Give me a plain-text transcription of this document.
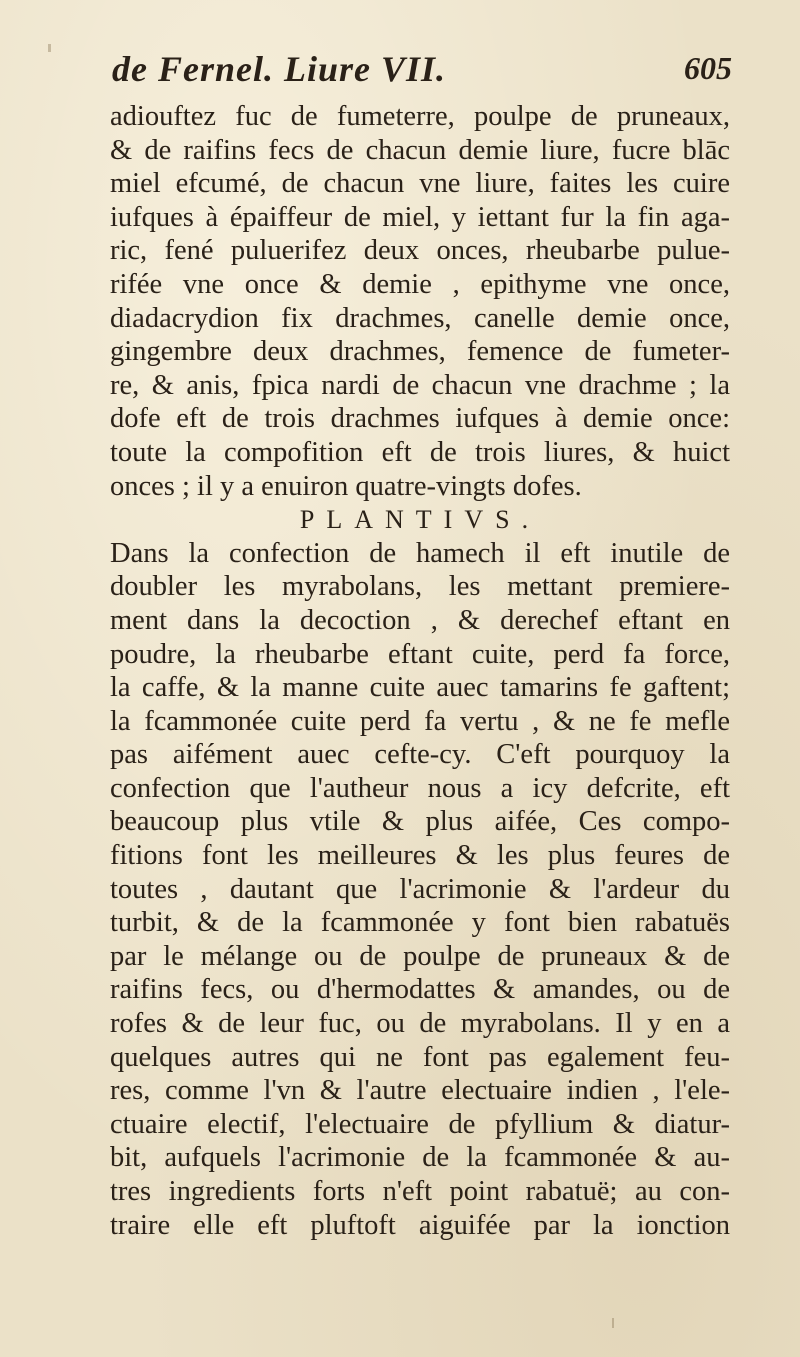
de Fernel. Liure VII.	605
adiouftez fuc de fumeterre, poulpe de pruneaux,
& de raifins fecs de chacun demie liure, fucre blāc
miel efcumé, de chacun vne liure, faites les cuire
iufques à épaiffeur de miel, y iettant fur la fin aga-
ric, fené puluerifez deux onces, rheubarbe pulue-
rifée vne once & demie , epithyme vne once,
diadacrydion fix drachmes, canelle demie once,
gingembre deux drachmes, femence de fumeter-
re, & anis, fpica nardi de chacun vne drachme ; la
dofe eft de trois drachmes iufques à demie once:
toute la compofition eft de trois liures, & huict
onces ; il y a enuiron quatre-vingts dofes.
PLANTIVS.
Dans la confection de hamech il eft inutile de
doubler les myrabolans, les mettant premiere-
ment dans la decoction , & derechef eftant en
poudre, la rheubarbe eftant cuite, perd fa force,
la caffe, & la manne cuite auec tamarins fe gaftent;
la fcammonée cuite perd fa vertu , & ne fe mefle
pas aifément auec cefte-cy. C'eft pourquoy la
confection que l'autheur nous a icy defcrite, eft
beaucoup plus vtile & plus aifée, Ces compo-
fitions font les meilleures & les plus feures de
toutes , dautant que l'acrimonie & l'ardeur du
turbit, & de la fcammonée y font bien rabatuës
par le mélange ou de poulpe de pruneaux & de
raifins fecs, ou d'hermodattes & amandes, ou de
rofes & de leur fuc, ou de myrabolans. Il y en a
quelques autres qui ne font pas egalement feu-
res, comme l'vn & l'autre electuaire indien , l'ele-
ctuaire electif, l'electuaire de pfyllium & diatur-
bit, aufquels l'acrimonie de la fcammonée & au-
tres ingredients forts n'eft point rabatuë; au con-
traire elle eft pluftoft aiguifée par la ionction
